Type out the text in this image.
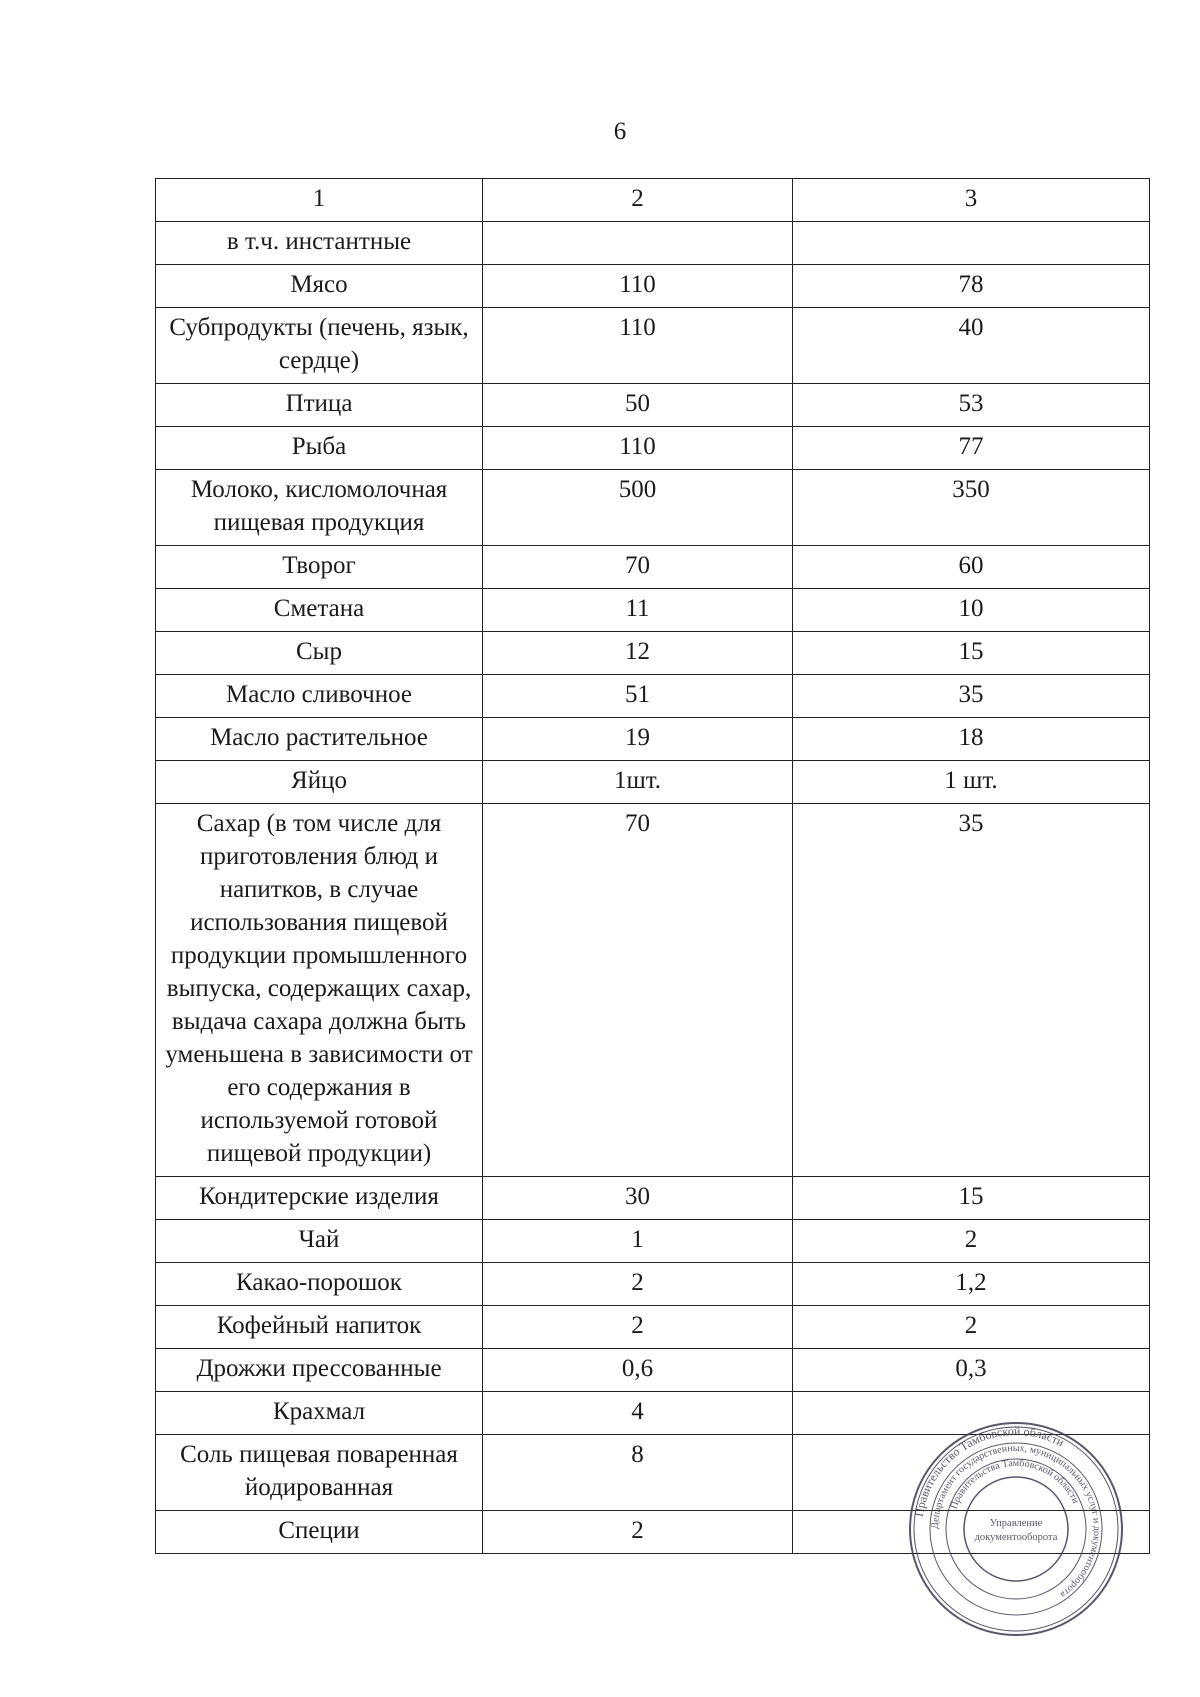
6
1	2	3
в т.ч. инстантные		
Мясо	110	78
Субпродукты (печень, язык, сердце)	110	40
Птица	50	53
Рыба	110	77
Молоко, кисломолочная пищевая продукция	500	350
Творог	70	60
Сметана	11	10
Сыр	12	15
Масло сливочное	51	35
Масло растительное	19	18
Яйцо	1шт.	1 шт.
Сахар (в том числе для приготовления блюд и напитков, в случае использования пищевой продукции промышленного выпуска, содержащих сахар, выдача сахара должна быть уменьшена в зависимости от его содержания в используемой готовой пищевой продукции)	70	35
Кондитерские изделия	30	15
Чай	1	2
Какао-порошок	2	1,2
Кофейный напиток	2	2
Дрожжи прессованные	0,6	0,3
Крахмал	4	
Соль пищевая поваренная йодированная	8	
Специи	2	
Правительство Тамбовской области
Департамент государственных, муниципальных услуг и документооборота
Правительства Тамбовской области
Управление
документооборота
